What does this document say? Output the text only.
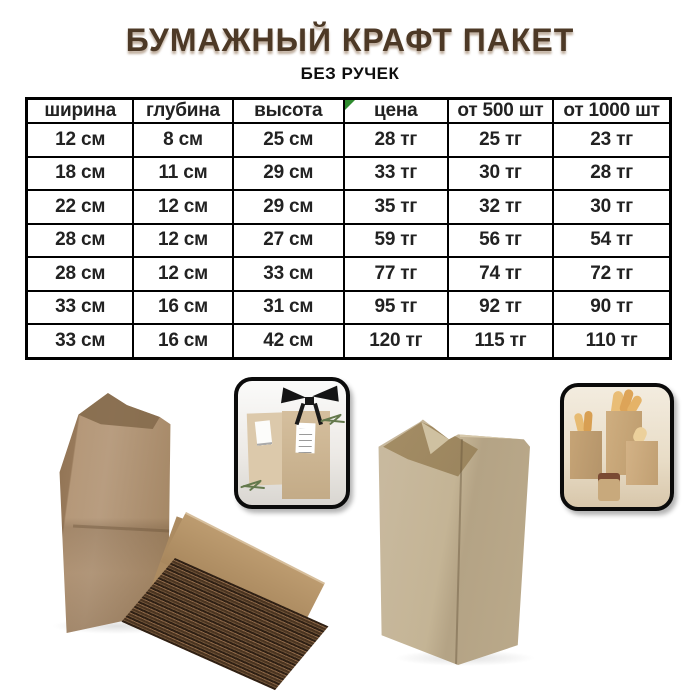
БУМАЖНЫЙ КРАФТ ПАКЕТ
БЕЗ РУЧЕК
ширина	глубина	высота	цена	от 500 шт	от 1000 шт
12 см	8 см	25 см	28 тг	25 тг	23 тг
18 см	11 см	29 см	33 тг	30 тг	28 тг
22 см	12 см	29 см	35 тг	32 тг	30 тг
28 см	12 см	27 см	59 тг	56 тг	54 тг
28 см	12 см	33 см	77 тг	74 тг	72 тг
33 см	16 см	31 см	95 тг	92 тг	90 тг
33 см	16 см	42 см	120 тг	115 тг	110 тг
